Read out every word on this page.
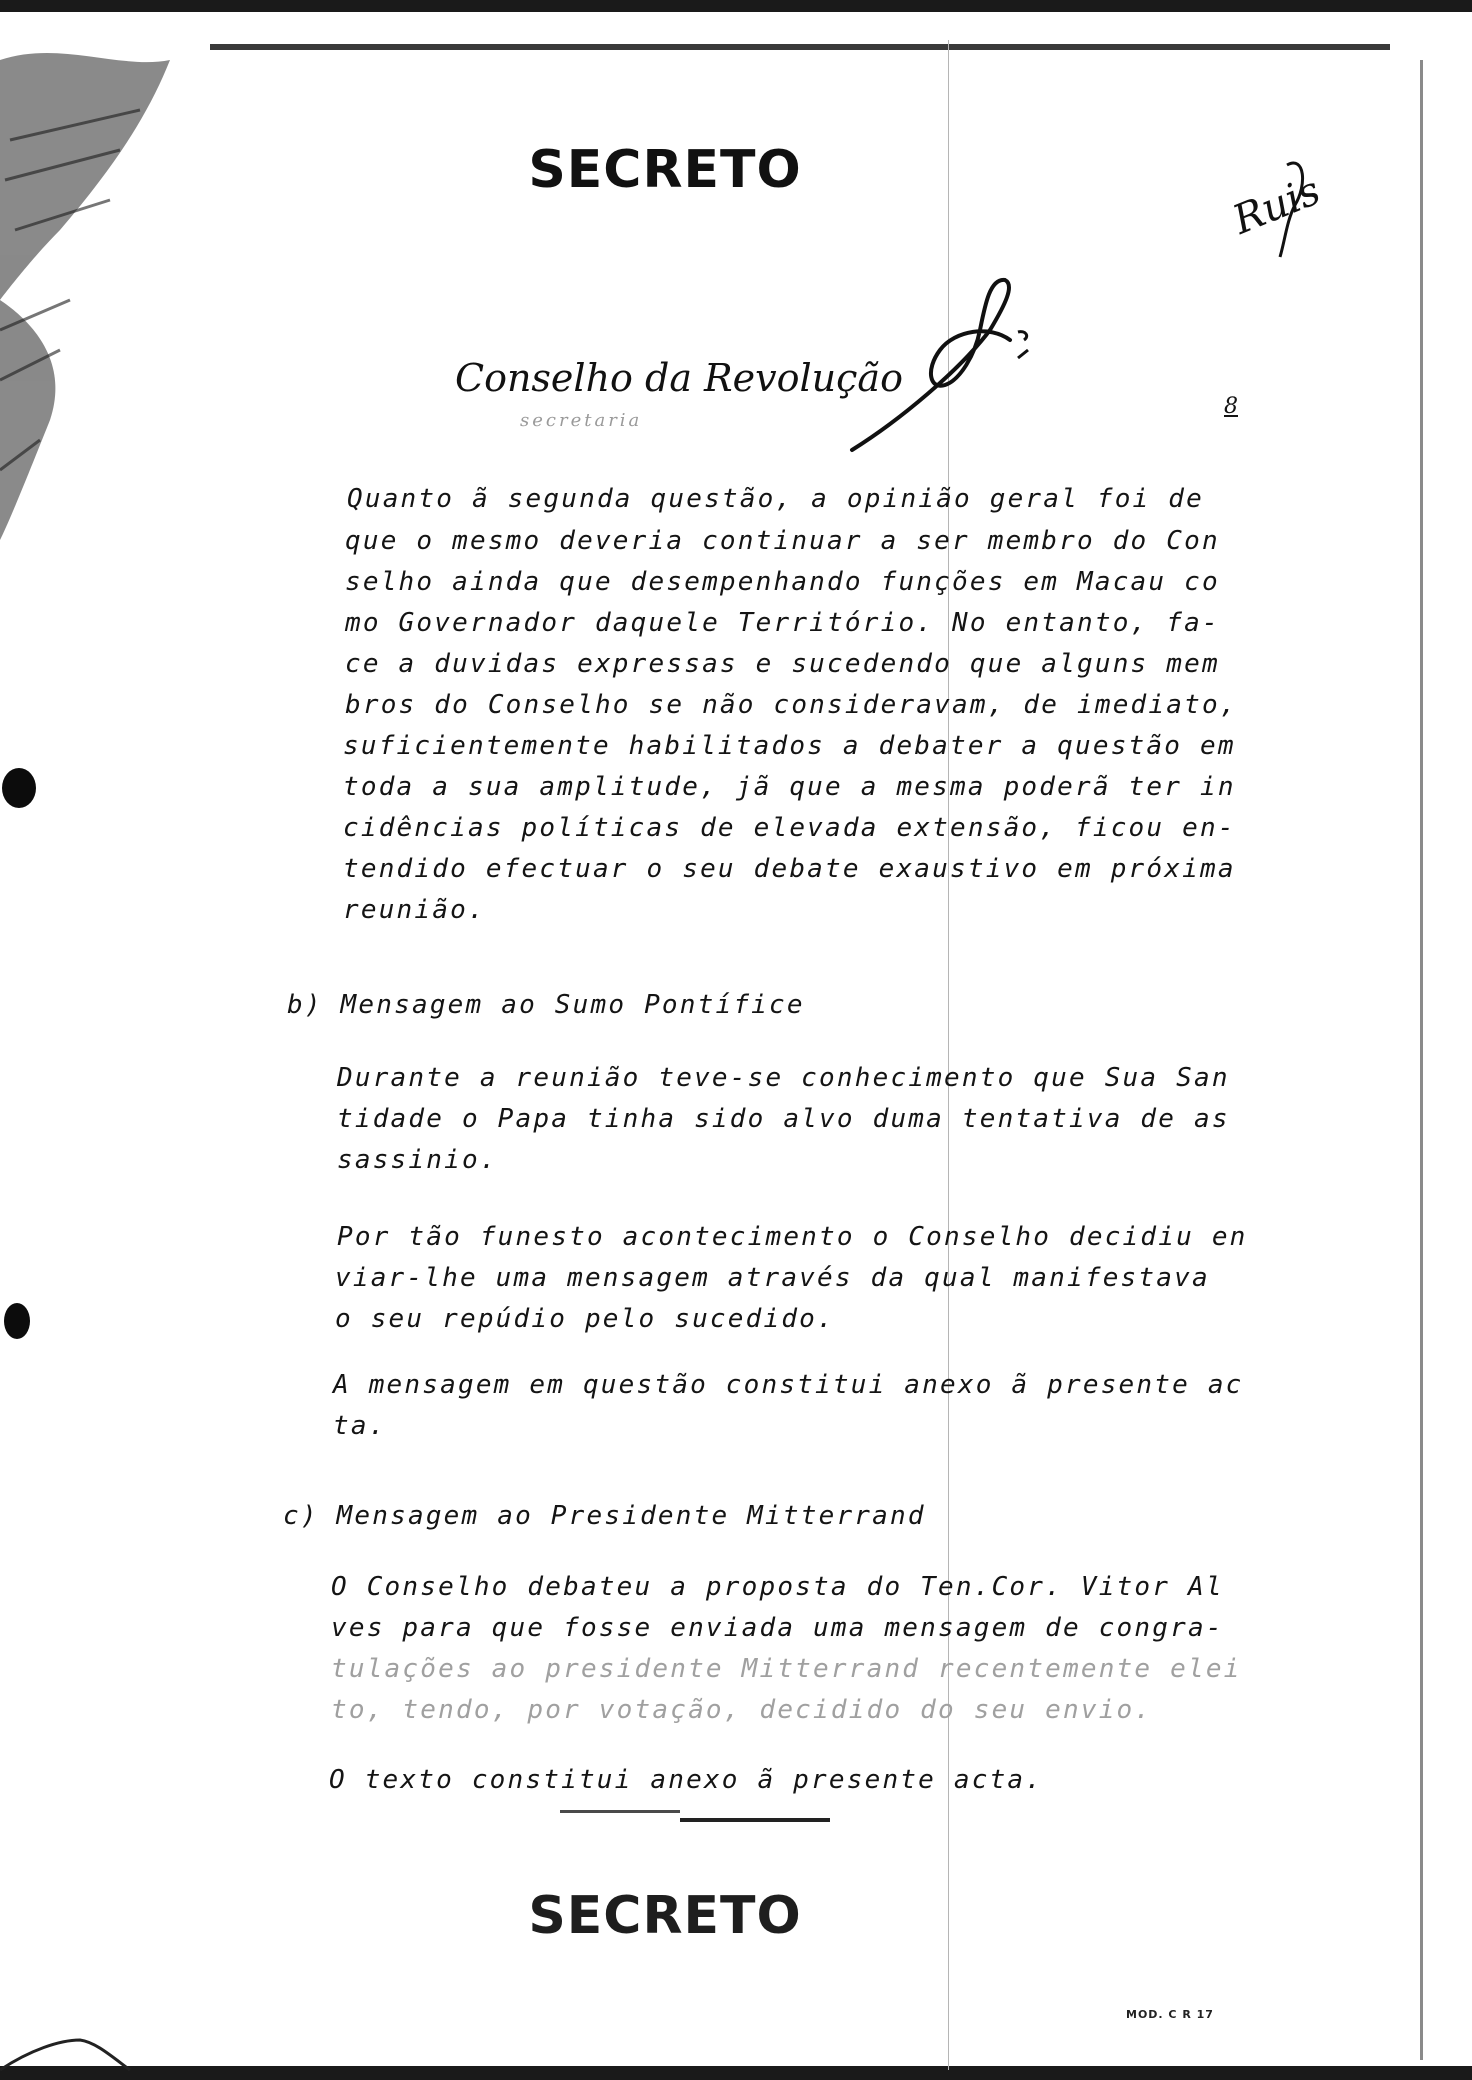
SECRETO
Conselho da Revolução
secretaria
Ruis
8
Quanto ã segunda questão, a opinião geral foi de
que o mesmo deveria continuar a ser membro do Con
selho ainda que desempenhando funções em Macau co
mo Governador daquele Território. No entanto, fa-
ce a duvidas expressas e sucedendo que alguns mem
bros do Conselho se não consideravam, de imediato,
suficientemente habilitados a debater a questão em
toda a sua amplitude, jã que a mesma poderã ter in
cidências políticas de elevada extensão, ficou en-
tendido efectuar o seu debate exaustivo em próxima
reunião.
b) Mensagem ao Sumo Pontífice
Durante a reunião teve-se conhecimento que Sua San
tidade o Papa tinha sido alvo duma tentativa de as
sassinio.
Por tão funesto acontecimento o Conselho decidiu en
viar-lhe uma mensagem através da qual manifestava
o seu repúdio pelo sucedido.
A mensagem em questão constitui anexo ã presente ac
ta.
c) Mensagem ao Presidente Mitterrand
O Conselho debateu a proposta do Ten.Cor. Vitor Al
ves para que fosse enviada uma mensagem de congra-
tulações ao presidente Mitterrand recentemente elei
to, tendo, por votação, decidido do seu envio.
O texto constitui anexo ã presente acta.
SECRETO
MOD. C R 17
